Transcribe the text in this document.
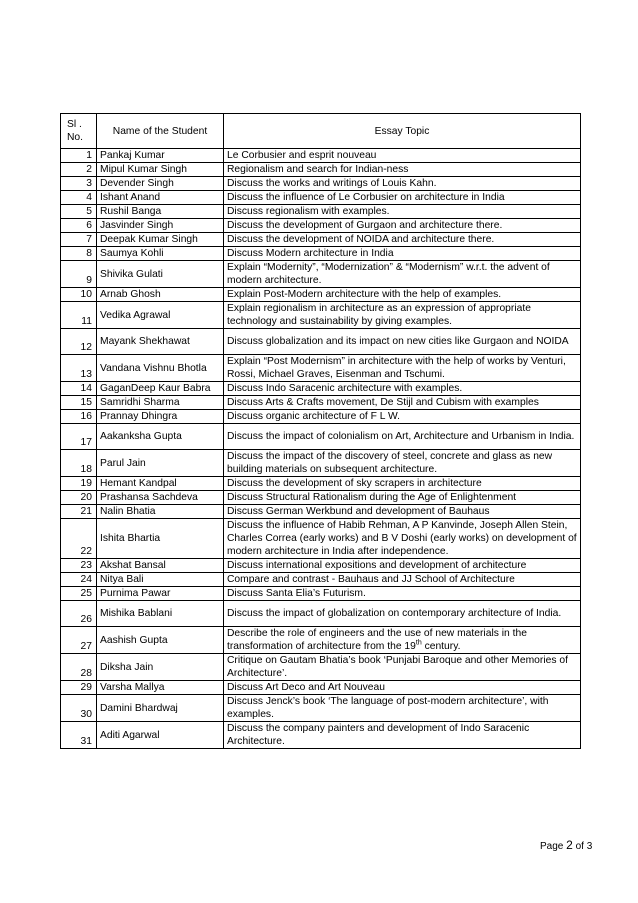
Sl . No.	Name of the Student	Essay Topic
1	Pankaj Kumar	Le Corbusier and esprit nouveau
2	Mipul Kumar Singh	Regionalism and search for Indian-ness
3	Devender Singh	Discuss the works and writings of Louis Kahn.
4	Ishant Anand	Discuss the influence of Le Corbusier on architecture in India
5	Rushil Banga	Discuss regionalism with examples.
6	Jasvinder Singh	Discuss the development of Gurgaon and architecture there.
7	Deepak Kumar Singh	Discuss the development of NOIDA and architecture there.
8	Saumya Kohli	Discuss Modern architecture in India
9	Shivika Gulati	Explain “Modernity”, “Modernization” & “Modernism” w.r.t. the advent of modern architecture.
10	Arnab Ghosh	Explain Post-Modern architecture with the help of examples.
11	Vedika Agrawal	Explain regionalism in architecture as an expression of appropriate technology and sustainability by giving examples.
12	Mayank Shekhawat	Discuss globalization and its impact on new cities like Gurgaon and NOIDA
13	Vandana Vishnu Bhotla	Explain “Post Modernism” in architecture with the help of works by Venturi, Rossi, Michael Graves, Eisenman and Tschumi.
14	GaganDeep Kaur Babra	Discuss Indo Saracenic architecture with examples.
15	Samridhi Sharma	Discuss Arts & Crafts movement, De Stijl and Cubism with examples
16	Prannay Dhingra	Discuss organic architecture of F L W.
17	Aakanksha Gupta	Discuss the impact of colonialism on Art, Architecture and Urbanism in India.
18	Parul Jain	Discuss the impact of the discovery of steel, concrete and glass as new building materials on subsequent architecture.
19	Hemant Kandpal	Discuss the development of sky scrapers in architecture
20	Prashansa Sachdeva	Discuss Structural Rationalism during the Age of Enlightenment
21	Nalin Bhatia	Discuss German Werkbund and development of Bauhaus
22	Ishita Bhartia	Discuss the influence of Habib Rehman, A P Kanvinde, Joseph Allen Stein, Charles Correa (early works) and B V Doshi (early works) on development of modern architecture in India after independence.
23	Akshat Bansal	Discuss international expositions and development of architecture
24	Nitya Bali	Compare and contrast - Bauhaus and JJ School of Architecture
25	Purnima Pawar	Discuss Santa Elia’s Futurism.
26	Mishika Bablani	Discuss the impact of globalization on contemporary architecture of India.
27	Aashish Gupta	Describe the role of engineers and the use of new materials in the transformation of architecture from the 19th century.
28	Diksha Jain	Critique on Gautam Bhatia’s book ‘Punjabi Baroque and other Memories of Architecture’.
29	Varsha Mallya	Discuss Art Deco and Art Nouveau
30	Damini Bhardwaj	Discuss Jenck’s book ‘The language of post-modern architecture’, with examples.
31	Aditi Agarwal	Discuss the company painters and development of Indo Saracenic Architecture.
Page 2 of 3
